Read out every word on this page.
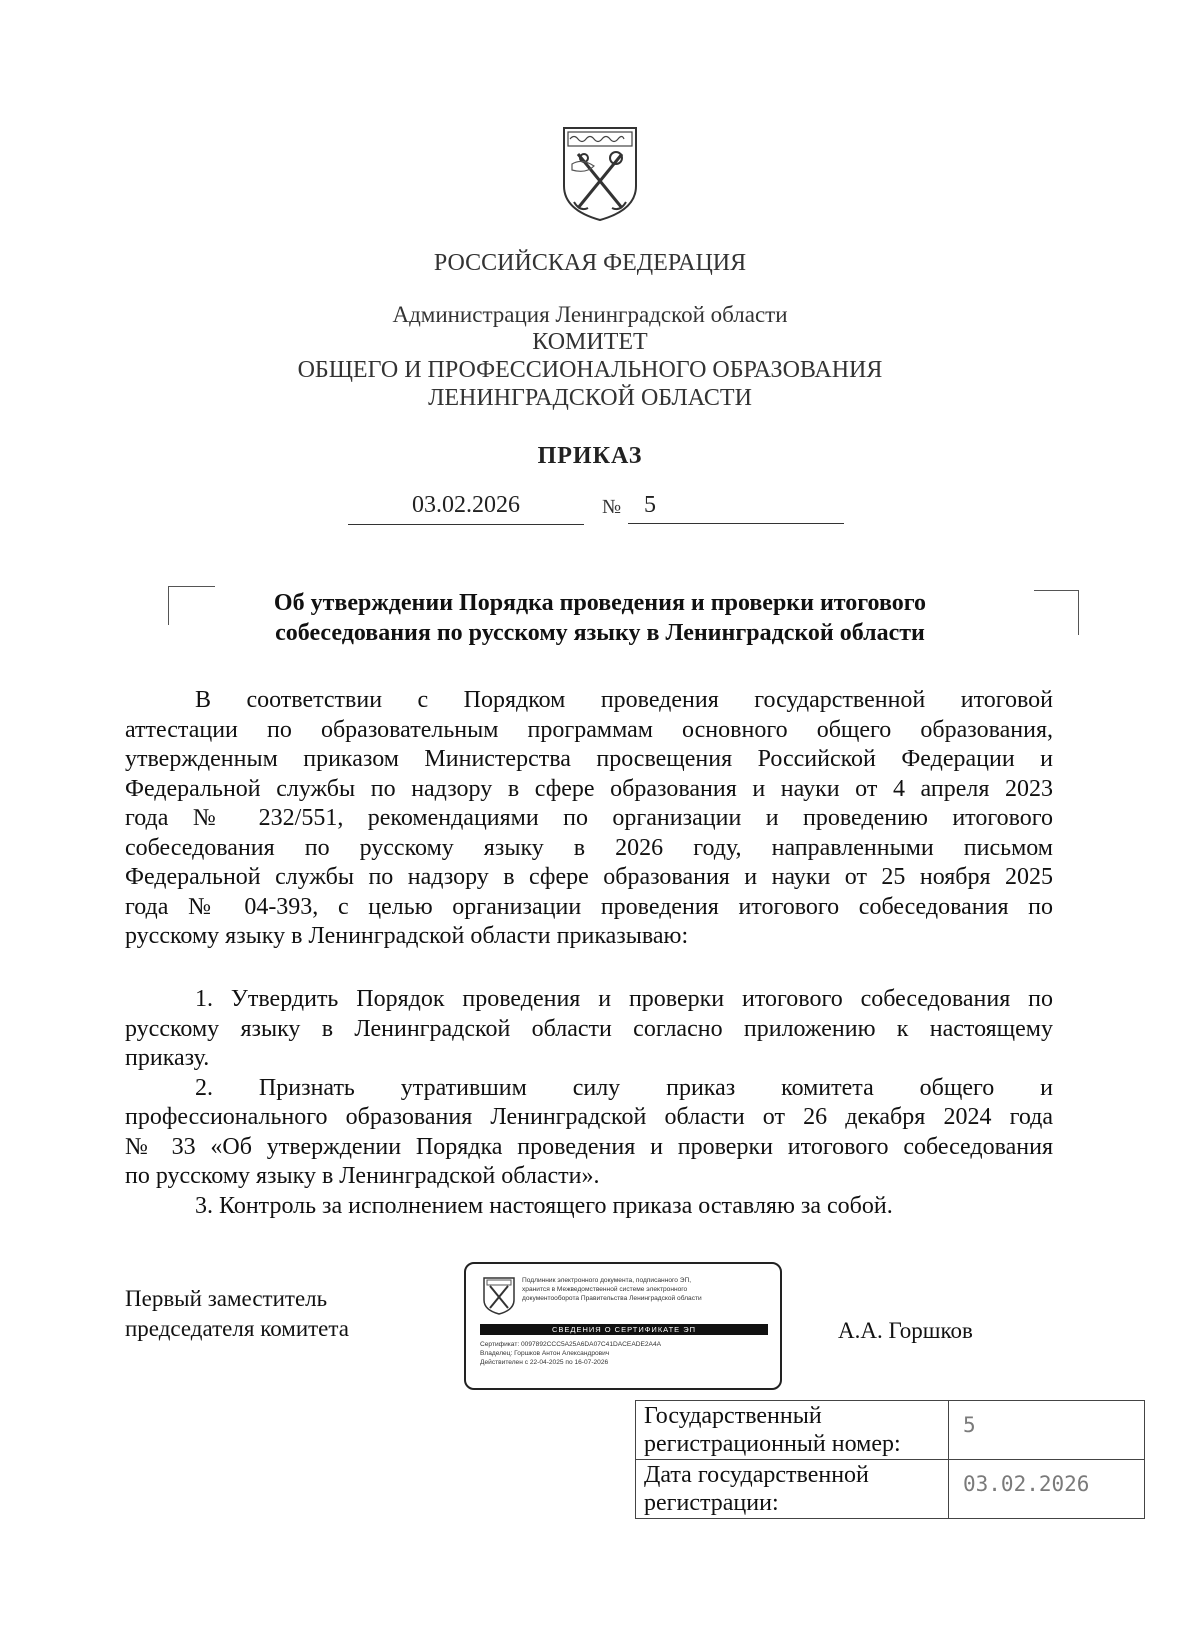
РОССИЙСКАЯ ФЕДЕРАЦИЯ
Администрация Ленинградской области
КОМИТЕТ
ОБЩЕГО И ПРОФЕССИОНАЛЬНОГО ОБРАЗОВАНИЯ
ЛЕНИНГРАДСКОЙ ОБЛАСТИ
ПРИКАЗ
03.02.2026	№ 5
Об утверждении Порядка проведения и проверки итогового
собеседования по русскому языку в Ленинградской области
В соответствии с Порядком проведения государственной итоговой
аттестации по образовательным программам основного общего образования,
утвержденным приказом Министерства просвещения Российской Федерации и
Федеральной службы по надзору в сфере образования и науки от 4 апреля 2023
года № 232/551, рекомендациями по организации и проведению итогового
собеседования по русскому языку в 2026 году, направленными письмом
Федеральной службы по надзору в сфере образования и науки от 25 ноября 2025
года № 04-393, с целью организации проведения итогового собеседования по
русскому языку в Ленинградской области приказываю:
1. Утвердить Порядок проведения и проверки итогового собеседования по
русскому языку в Ленинградской области согласно приложению к настоящему
приказу.
2. Признать утратившим силу приказ комитета общего и
профессионального образования Ленинградской области от 26 декабря 2024 года
№ 33 «Об утверждении Порядка проведения и проверки итогового собеседования
по русскому языку в Ленинградской области».
3. Контроль за исполнением настоящего приказа оставляю за собой.
Первый заместитель
председателя комитета	А.А. Горшков
Подлинник электронного документа, подписанного ЭП,
хранится в Межведомственной системе электронного
документооборота Правительства Ленинградской области
СВЕДЕНИЯ О СЕРТИФИКАТЕ ЭП
Сертификат: 0097892CCC5A25A6DA07C41DACEADE2A4A
Владелец: Горшков Антон Александрович
Действителен с 22-04-2025 по 16-07-2026
Государственный
регистрационный номер:	5

Дата государственной
регистрации:	03.02.2026
